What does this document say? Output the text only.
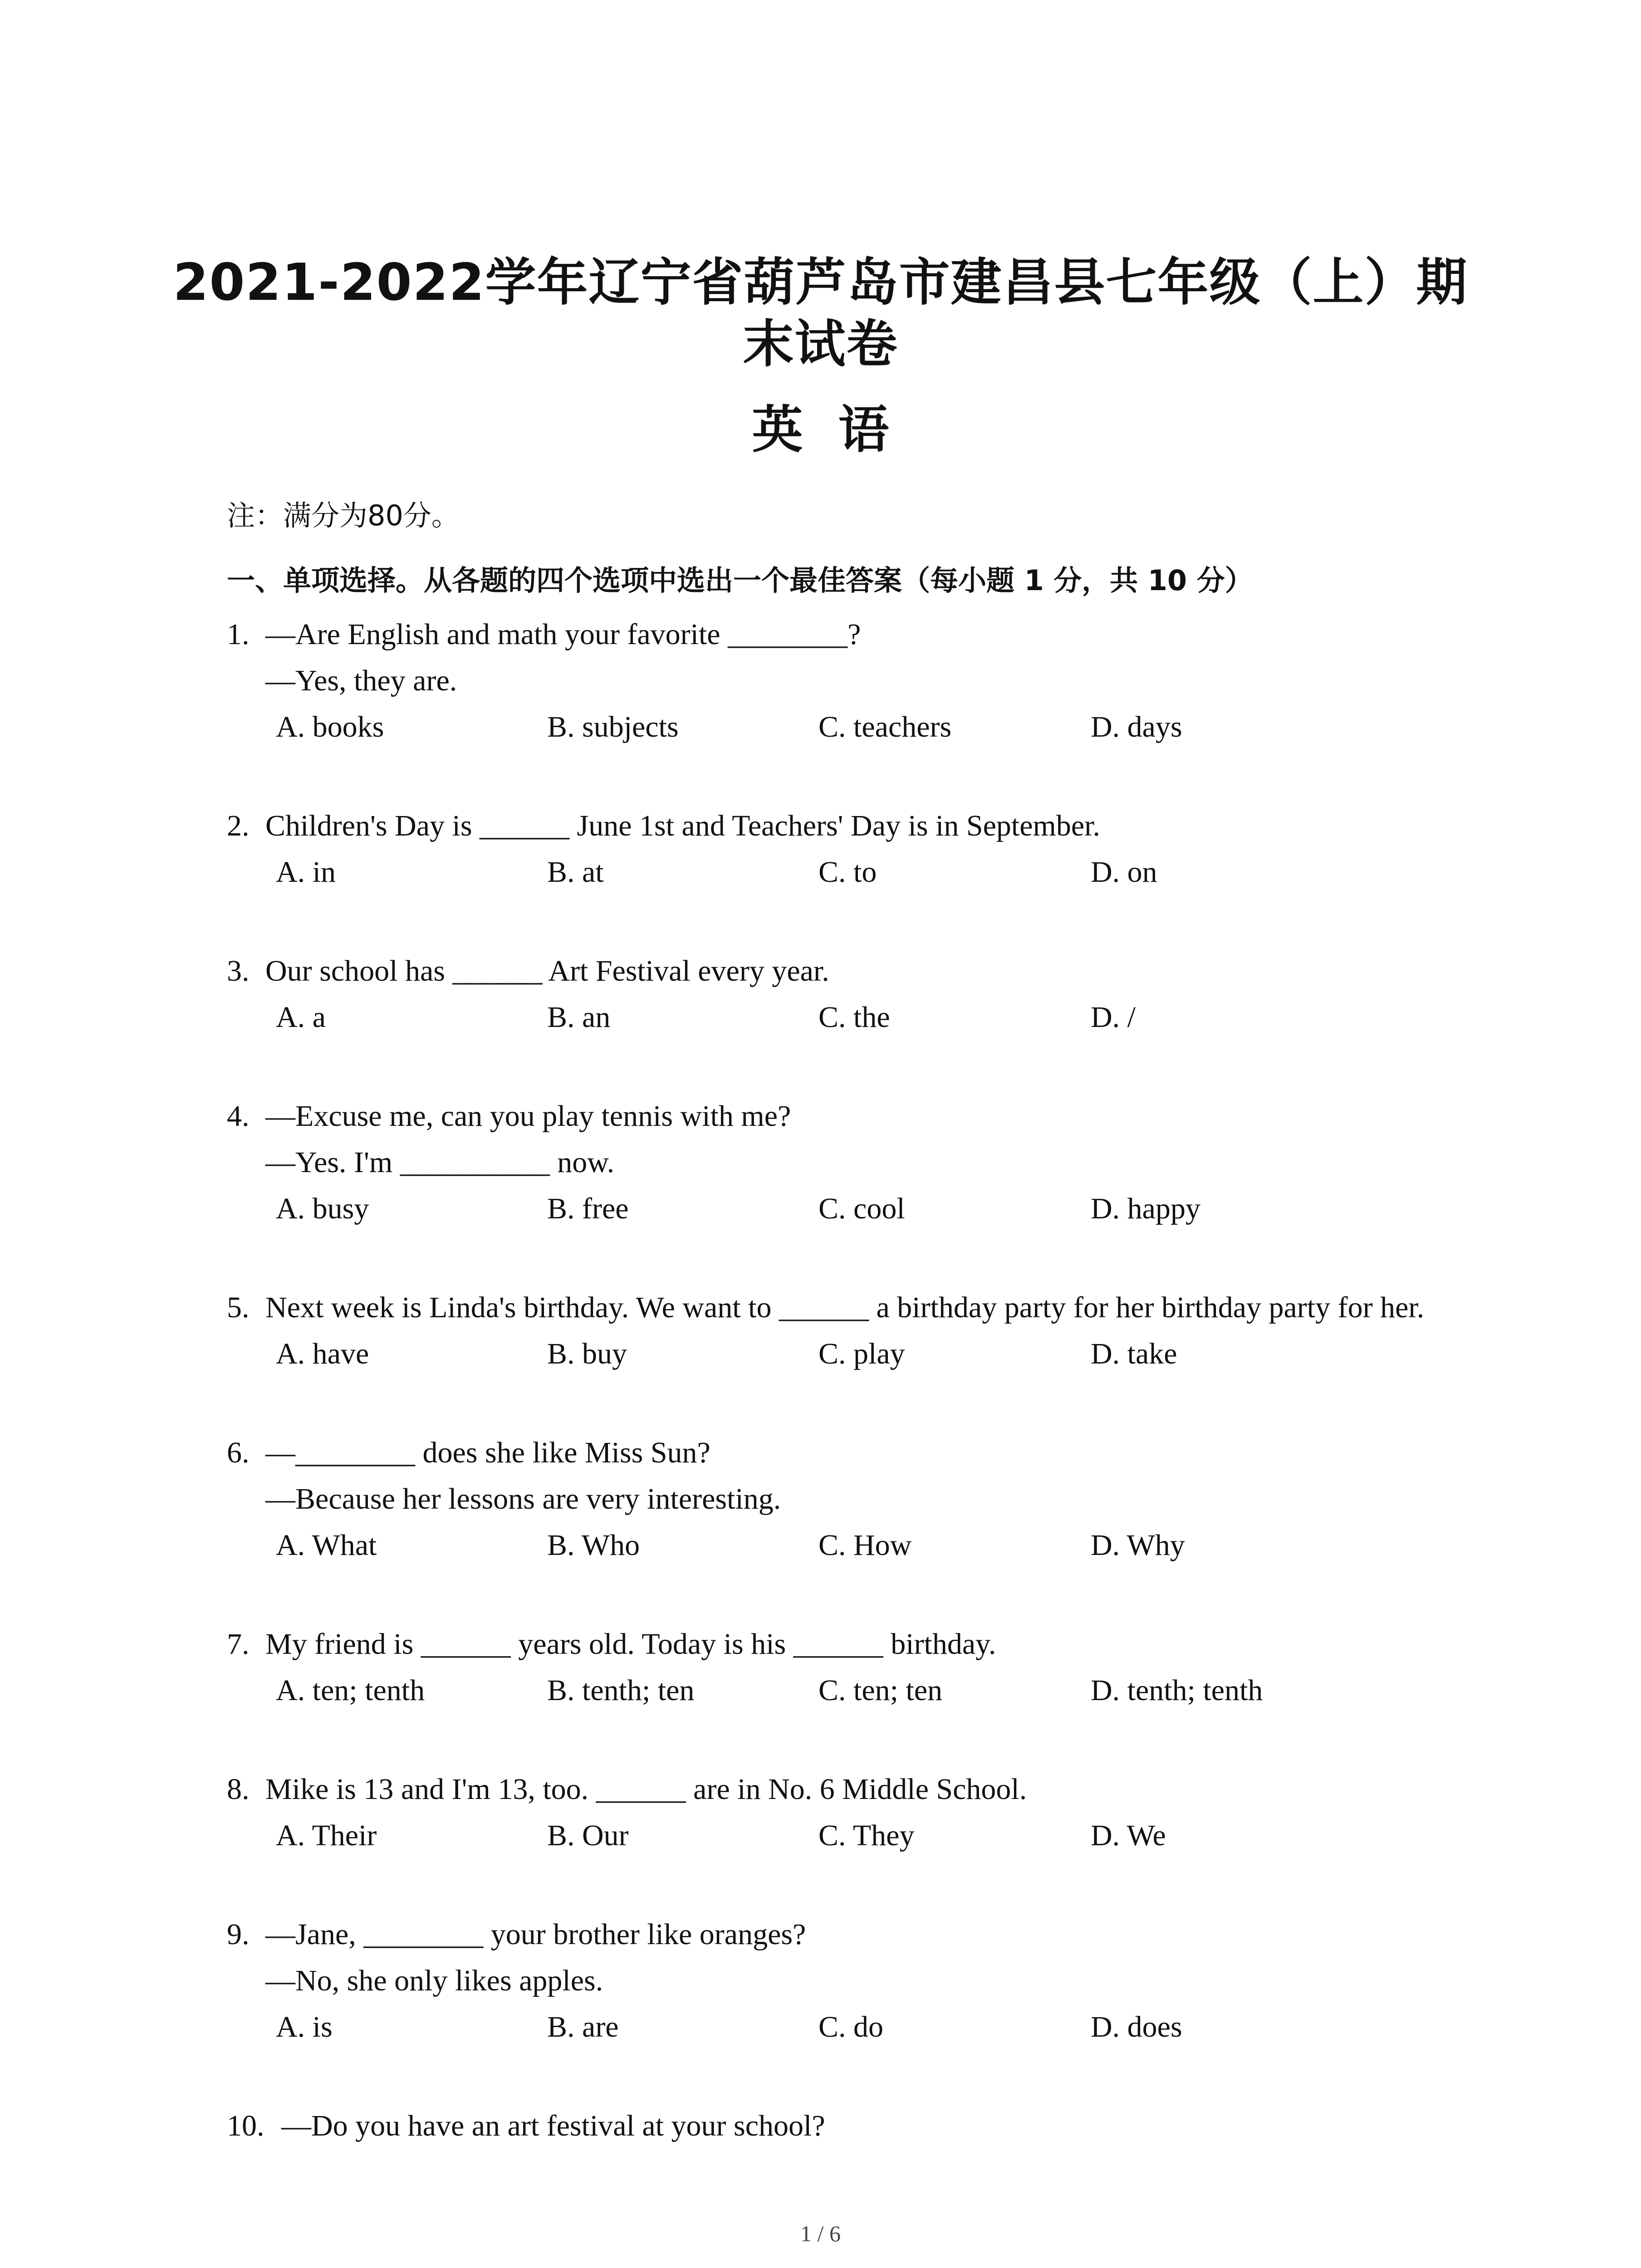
2021-2022学年辽宁省葫芦岛市建昌县七年级（上）期
末试卷
英  语
注：满分为80分。
一、单项选择。从各题的四个选项中选出一个最佳答案（每小题 1 分，共 10 分）
1. —Are English and math your favorite ________?
—Yes, they are.
A. books	B. subjects	C. teachers	D. days
2. Children's Day is ______ June 1st and Teachers' Day is in September.
A. in	B. at	C. to	D. on
3. Our school has ______ Art Festival every year.
A. a	B. an	C. the	D. /
4. —Excuse me, can you play tennis with me?
—Yes. I'm __________ now.
A. busy	B. free	C. cool	D. happy
5. Next week is Linda's birthday. We want to ______ a birthday party for her birthday party for her.
A. have	B. buy	C. play	D. take
6. —________ does she like Miss Sun?
—Because her lessons are very interesting.
A. What	B. Who	C. How	D. Why
7. My friend is ______ years old. Today is his ______ birthday.
A. ten; tenth	B. tenth; ten	C. ten; ten	D. tenth; tenth
8. Mike is 13 and I'm 13, too. ______ are in No. 6 Middle School.
A. Their	B. Our	C. They	D. We
9. —Jane, ________ your brother like oranges?
—No, she only likes apples.
A. is	B. are	C. do	D. does
10. —Do you have an art festival at your school?
1 / 6
